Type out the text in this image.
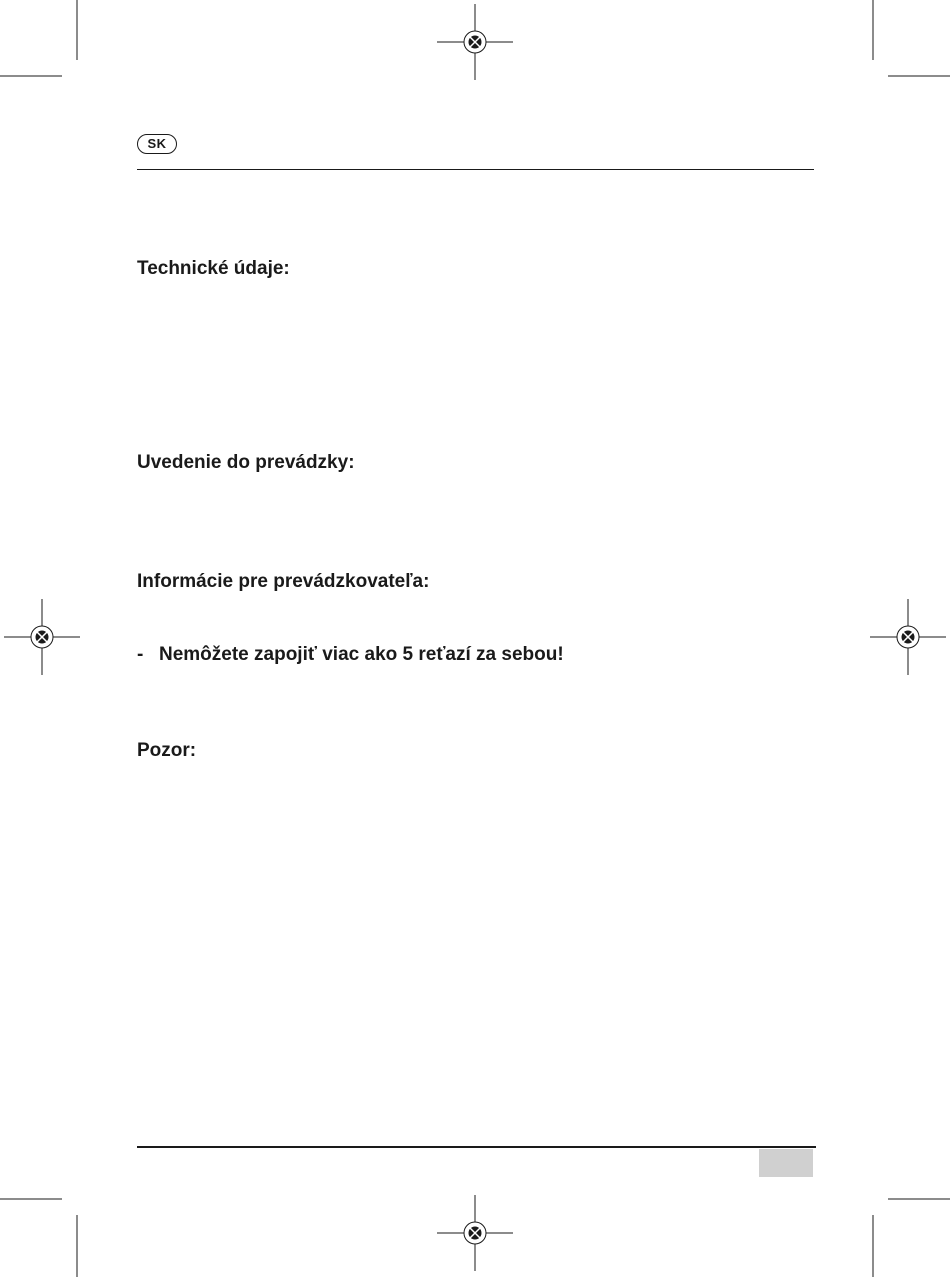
SK
Technické údaje:
Uvedenie do prevádzky:
Informácie pre prevádzkovateľa:
- Nemôžete zapojiť viac ako 5 reťazí za sebou!
Pozor:
